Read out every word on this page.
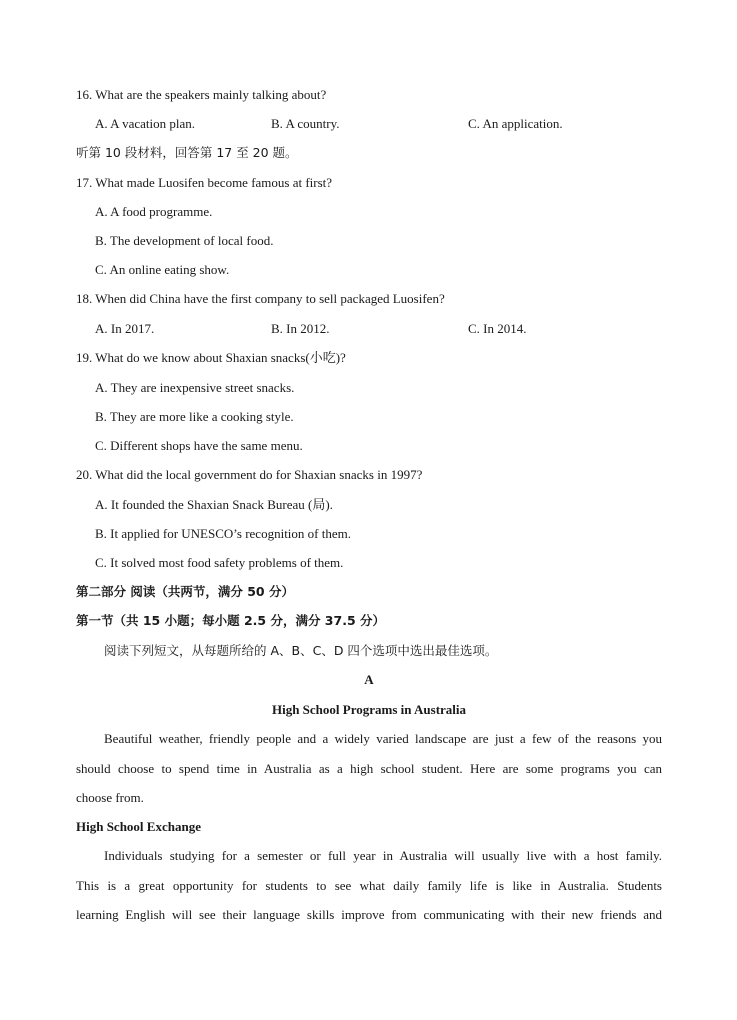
16. What are the speakers mainly talking about?
A. A vacation plan.	B. A country.	C. An application.
听第 10 段材料，回答第 17 至 20 题。
17. What made Luosifen become famous at first?
A. A food programme.
B. The development of local food.
C. An online eating show.
18. When did China have the first company to sell packaged Luosifen?
A. In 2017.	B. In 2012.	C. In 2014.
19. What do we know about Shaxian snacks(小吃)?
A. They are inexpensive street snacks.
B. They are more like a cooking style.
C. Different shops have the same menu.
20. What did the local government do for Shaxian snacks in 1997?
A. It founded the Shaxian Snack Bureau (局).
B. It applied for UNESCO’s recognition of them.
C. It solved most food safety problems of them.
第二部分 阅读（共两节，满分 50 分）
第一节（共 15 小题；每小题 2.5 分，满分 37.5 分）
阅读下列短文，从每题所给的 A、B、C、D 四个选项中选出最佳选项。
A
High School Programs in Australia
Beautiful weather, friendly people and a widely varied landscape are just a few of the reasons you
should choose to spend time in Australia as a high school student. Here are some programs you can
choose from.
High School Exchange
Individuals studying for a semester or full year in Australia will usually live with a host family.
This is a great opportunity for students to see what daily family life is like in Australia. Students
learning English will see their language skills improve from communicating with their new friends and
